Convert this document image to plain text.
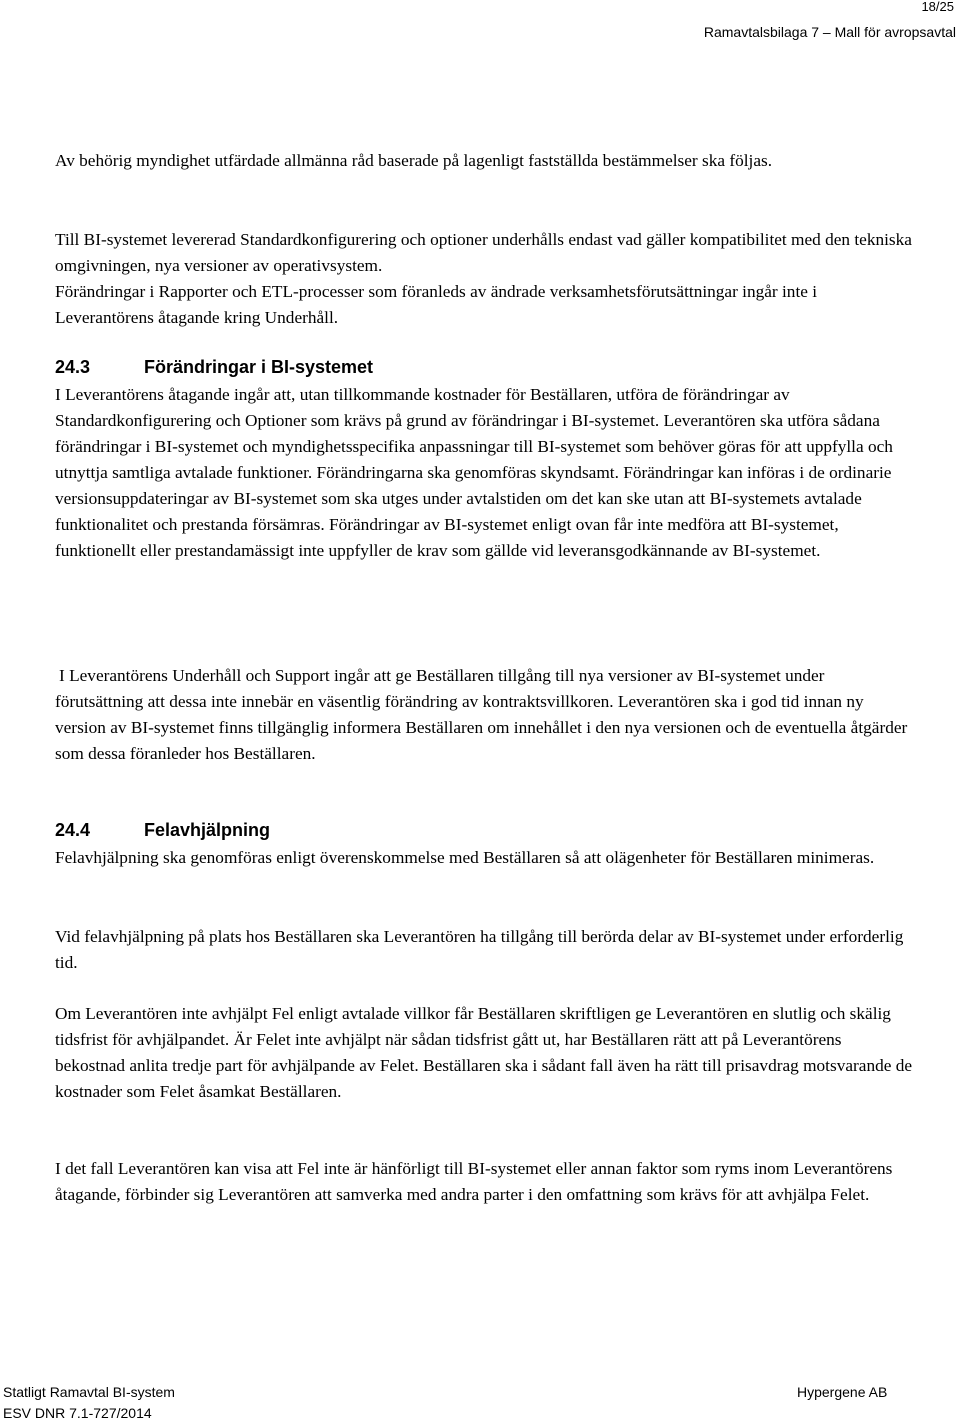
18/25
Ramavtalsbilaga 7 – Mall för avropsavtal

Av behörig myndighet utfärdade allmänna råd baserade på lagenligt fastställda bestämmelser ska följas.

Till BI-systemet levererad Standardkonfigurering och optioner underhålls endast vad gäller kompatibilitet med den tekniska omgivningen, nya versioner av operativsystem.

Förändringar i Rapporter och ETL-processer som föranleds av ändrade verksamhetsförutsättningar ingår inte i Leverantörens åtagande kring Underhåll.

24.3	Förändringar i BI-systemet

I Leverantörens åtagande ingår att, utan tillkommande kostnader för Beställaren, utföra de förändringar av Standardkonfigurering och Optioner som krävs på grund av förändringar i BI-systemet. Leverantören ska utföra sådana förändringar i BI-systemet och myndighetsspecifika anpassningar till BI-systemet som behöver göras för att uppfylla och utnyttja samtliga avtalade funktioner. Förändringarna ska genomföras skyndsamt. Förändringar kan införas i de ordinarie versionsuppdateringar av BI-systemet som ska utges under avtalstiden om det kan ske utan att BI-systemets avtalade funktionalitet och prestanda försämras. Förändringar av BI-systemet enligt ovan får inte medföra att BI-systemet, funktionellt eller prestandamässigt inte uppfyller de krav som gällde vid leveransgodkännande av BI-systemet.

I Leverantörens Underhåll och Support ingår att ge Beställaren tillgång till nya versioner av BI-systemet under förutsättning att dessa inte innebär en väsentlig förändring av kontraktsvillkoren. Leverantören ska i god tid innan ny version av BI-systemet finns tillgänglig informera Beställaren om innehållet i den nya versionen och de eventuella åtgärder som dessa föranleder hos Beställaren.

24.4	Felavhjälpning

Felavhjälpning ska genomföras enligt överenskommelse med Beställaren så att olägenheter för Beställaren minimeras.

Vid felavhjälpning på plats hos Beställaren ska Leverantören ha tillgång till berörda delar av BI-systemet under erforderlig tid.

Om Leverantören inte avhjälpt Fel enligt avtalade villkor får Beställaren skriftligen ge Leverantören en slutlig och skälig tidsfrist för avhjälpandet. Är Felet inte avhjälpt när sådan tidsfrist gått ut, har Beställaren rätt att på Leverantörens bekostnad anlita tredje part för avhjälpande av Felet. Beställaren ska i sådant fall även ha rätt till prisavdrag motsvarande de kostnader som Felet åsamkat Beställaren.

I det fall Leverantören kan visa att Fel inte är hänförligt till BI-systemet eller annan faktor som ryms inom Leverantörens åtagande, förbinder sig Leverantören att samverka med andra parter i den omfattning som krävs för att avhjälpa Felet.

Statligt Ramavtal BI-system
ESV DNR 7.1-727/2014
Hypergene AB
